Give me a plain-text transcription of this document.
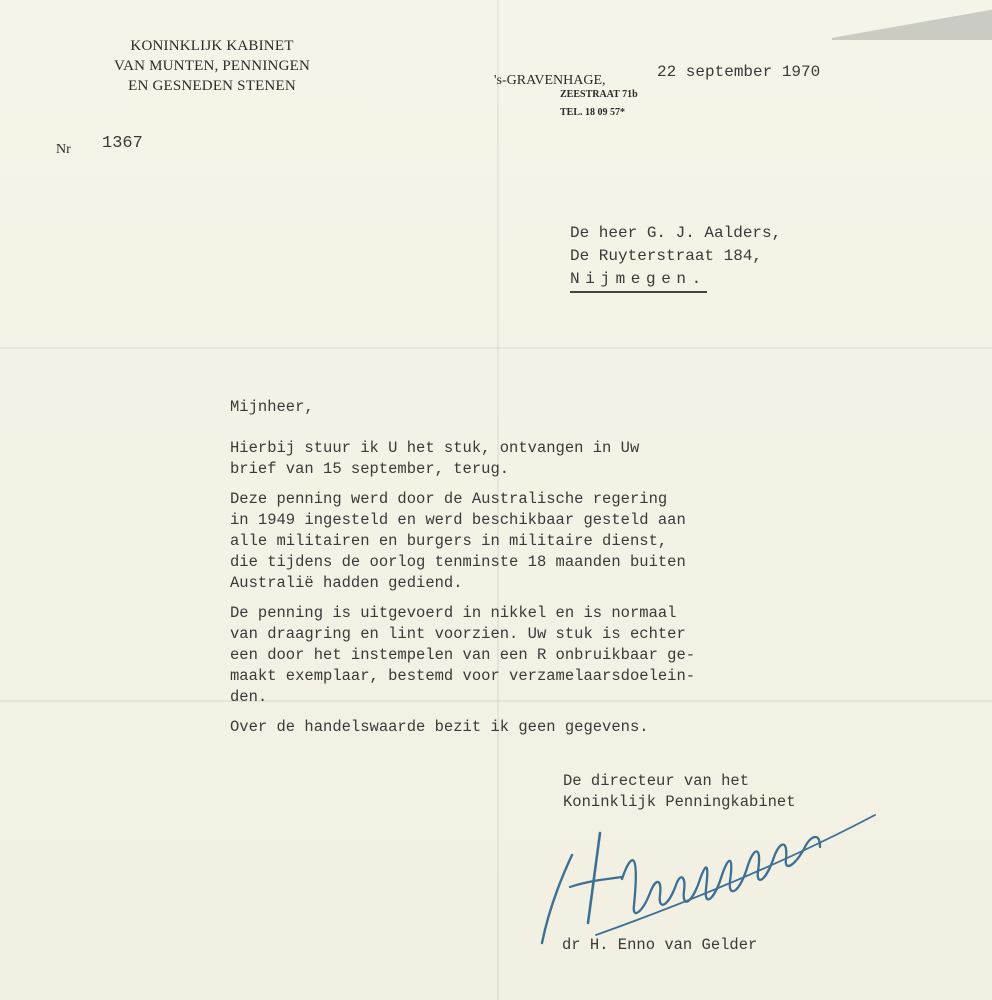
KONINKLIJK KABINET
VAN MUNTEN, PENNINGEN
EN GESNEDEN STENEN	's-GRAVENHAGE,	22 september 1970
ZEESTRAAT 71b
TEL. 18 09 57*
Nr 1367
De heer G. J. Aalders,
De Ruyterstraat 184,
Nijmegen.
Mijnheer,
Hierbij stuur ik U het stuk, ontvangen in Uw
brief van 15 september, terug.
Deze penning werd door de Australische regering
in 1949 ingesteld en werd beschikbaar gesteld aan
alle militairen en burgers in militaire dienst,
die tijdens de oorlog tenminste 18 maanden buiten
Australië hadden gediend.
De penning is uitgevoerd in nikkel en is normaal
van draagring en lint voorzien. Uw stuk is echter
een door het instempelen van een R onbruikbaar ge-
maakt exemplaar, bestemd voor verzamelaarsdoelein-
den.
Over de handelswaarde bezit ik geen gegevens.
De directeur van het
Koninklijk Penningkabinet
dr H. Enno van Gelder
